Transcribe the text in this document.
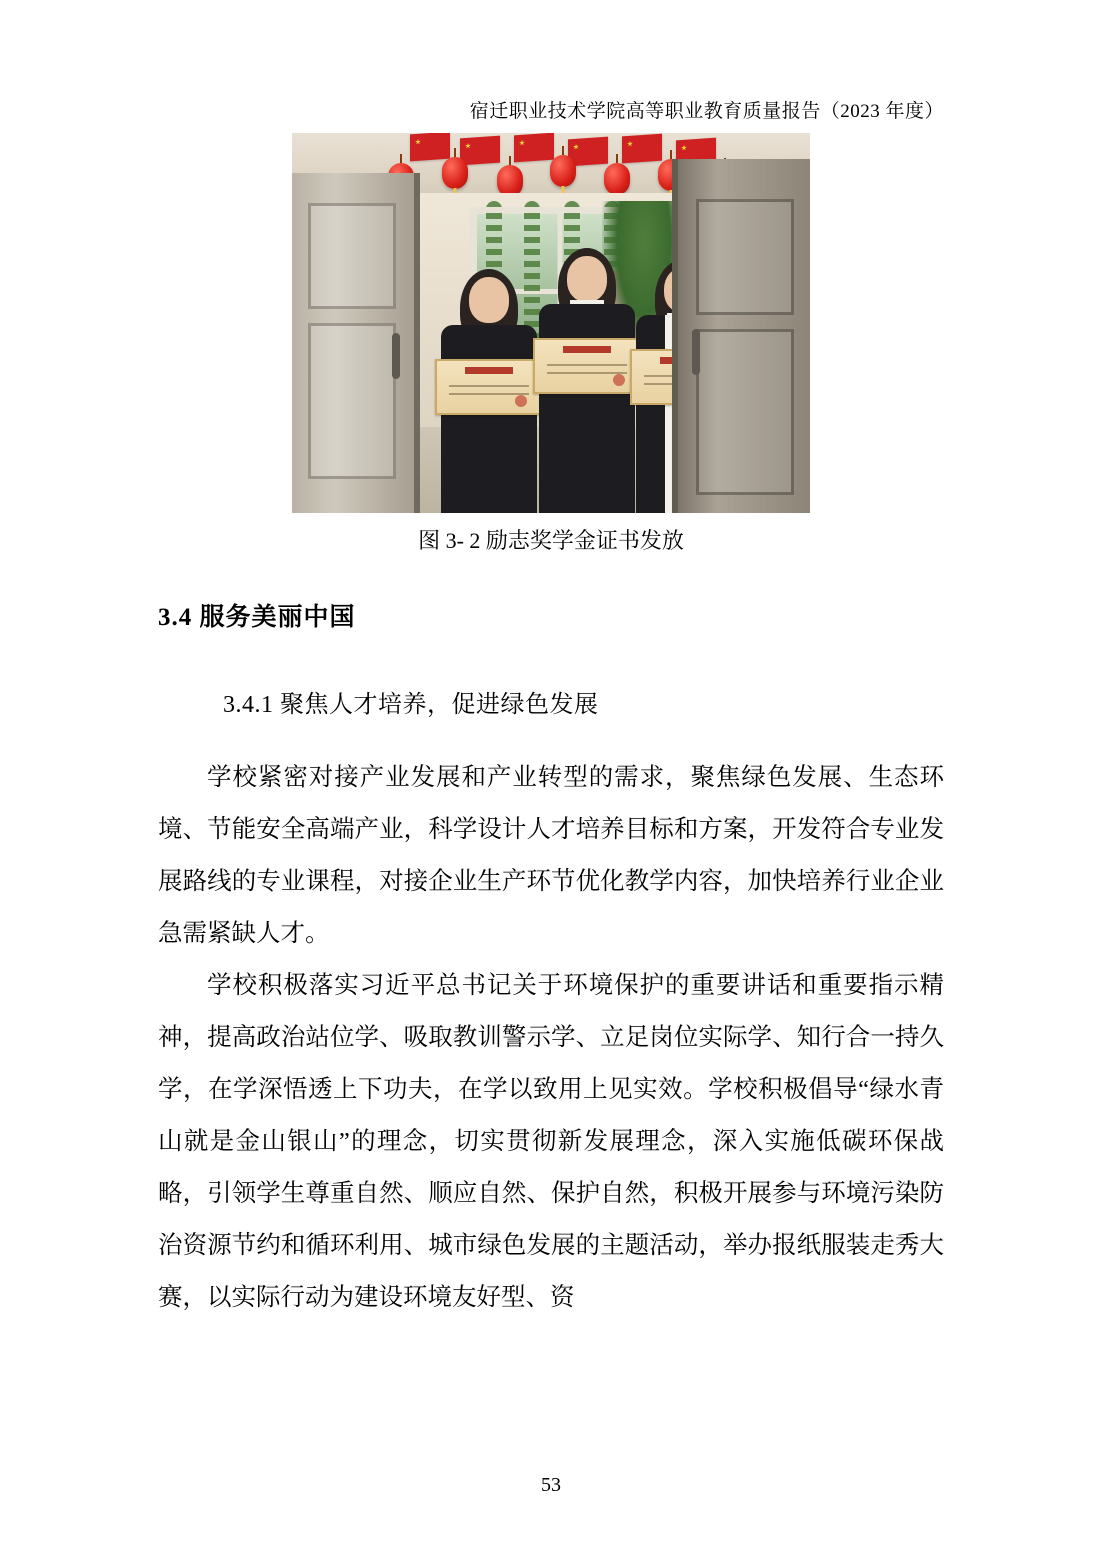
宿迁职业技术学院高等职业教育质量报告（2023 年度）
图 3- 2 励志奖学金证书发放
3.4 服务美丽中国
3.4.1 聚焦人才培养，促进绿色发展

学校紧密对接产业发展和产业转型的需求，聚焦绿色发展、生态环境、节能安全高端产业，科学设计人才培养目标和方案，开发符合专业发展路线的专业课程，对接企业生产环节优化教学内容，加快培养行业企业急需紧缺人才。

学校积极落实习近平总书记关于环境保护的重要讲话和重要指示精神，提高政治站位学、吸取教训警示学、立足岗位实际学、知行合一持久学，在学深悟透上下功夫，在学以致用上见实效。学校积极倡导“绿水青山就是金山银山”的理念，切实贯彻新发展理念，深入实施低碳环保战略，引领学生尊重自然、顺应自然、保护自然，积极开展参与环境污染防治资源节约和循环利用、城市绿色发展的主题活动，举办报纸服装走秀大赛，以实际行动为建设环境友好型、资

53
